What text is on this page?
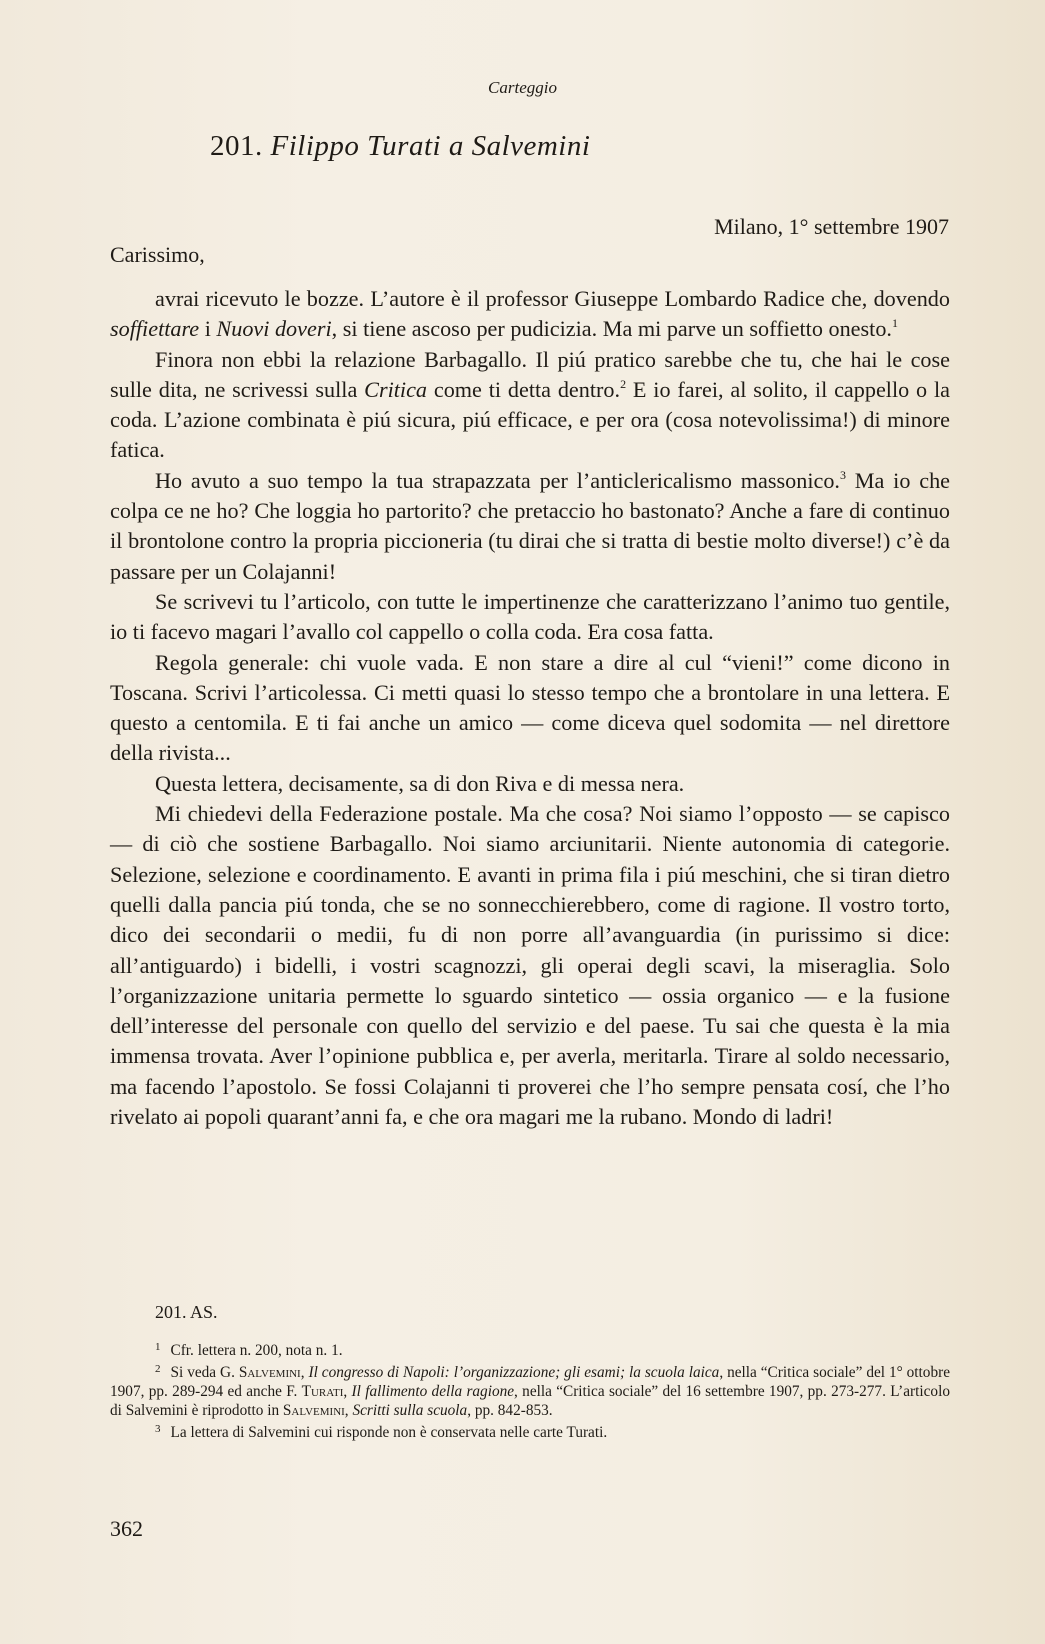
Carteggio
201. Filippo Turati a Salvemini
Milano, 1° settembre 1907
Carissimo,

avrai ricevuto le bozze. L’autore è il professor Giuseppe Lombardo Radice che, dovendo soffiettare i Nuovi doveri, si tiene ascoso per pudicizia. Ma mi parve un soffietto onesto.$^1$

Finora non ebbi la relazione Barbagallo. Il piú pratico sarebbe che tu, che hai le cose sulle dita, ne scrivessi sulla Critica come ti detta dentro.$^2$ E io farei, al solito, il cappello o la coda. L’azione combinata è piú sicura, piú efficace, e per ora (cosa notevolissima!) di minore fatica.

Ho avuto a suo tempo la tua strapazzata per l’anticlericalismo massonico.$^3$ Ma io che colpa ce ne ho? Che loggia ho partorito? che pretaccio ho bastonato? Anche a fare di continuo il brontolone contro la propria piccioneria (tu dirai che si tratta di bestie molto diverse!) c’è da passare per un Colajanni!

Se scrivevi tu l’articolo, con tutte le impertinenze che caratterizzano l’animo tuo gentile, io ti facevo magari l’avallo col cappello o colla coda. Era cosa fatta.

Regola generale: chi vuole vada. E non stare a dire al cul “vieni!” come dicono in Toscana. Scrivi l’articolessa. Ci metti quasi lo stesso tempo che a brontolare in una lettera. E questo a centomila. E ti fai anche un amico — come diceva quel sodomita — nel direttore della rivista...

Questa lettera, decisamente, sa di don Riva e di messa nera.

Mi chiedevi della Federazione postale. Ma che cosa? Noi siamo l’opposto — se capisco — di ciò che sostiene Barbagallo. Noi siamo arciunitarii. Niente autonomia di categorie. Selezione, selezione e coordinamento. E avanti in prima fila i piú meschini, che si tiran dietro quelli dalla pancia piú tonda, che se no sonnecchierebbero, come di ragione. Il vostro torto, dico dei secondarii o medii, fu di non porre all’avanguardia (in purissimo si dice: all’antiguardo) i bidelli, i vostri scagnozzi, gli operai degli scavi, la miseraglia. Solo l’organizzazione unitaria permette lo sguardo sintetico — ossia organico — e la fusione dell’interesse del personale con quello del servizio e del paese. Tu sai che questa è la mia immensa trovata. Aver l’opinione pubblica e, per averla, meritarla. Tirare al soldo necessario, ma facendo l’apostolo. Se fossi Colajanni ti proverei che l’ho sempre pensata cosí, che l’ho rivelato ai popoli quarant’anni fa, e che ora magari me la rubano. Mondo di ladri!

201. AS.

$^1$ Cfr. lettera n. 200, nota n. 1.

$^2$ Si veda G. Salvemini, Il congresso di Napoli: l’organizzazione; gli esami; la scuola laica, nella “Critica sociale” del 1° ottobre 1907, pp. 289-294 ed anche F. Turati, Il fallimento della ragione, nella “Critica sociale” del 16 settembre 1907, pp. 273-277. L’articolo di Salvemini è riprodotto in Salvemini, Scritti sulla scuola, pp. 842-853.

$^3$ La lettera di Salvemini cui risponde non è conservata nelle carte Turati.

362
